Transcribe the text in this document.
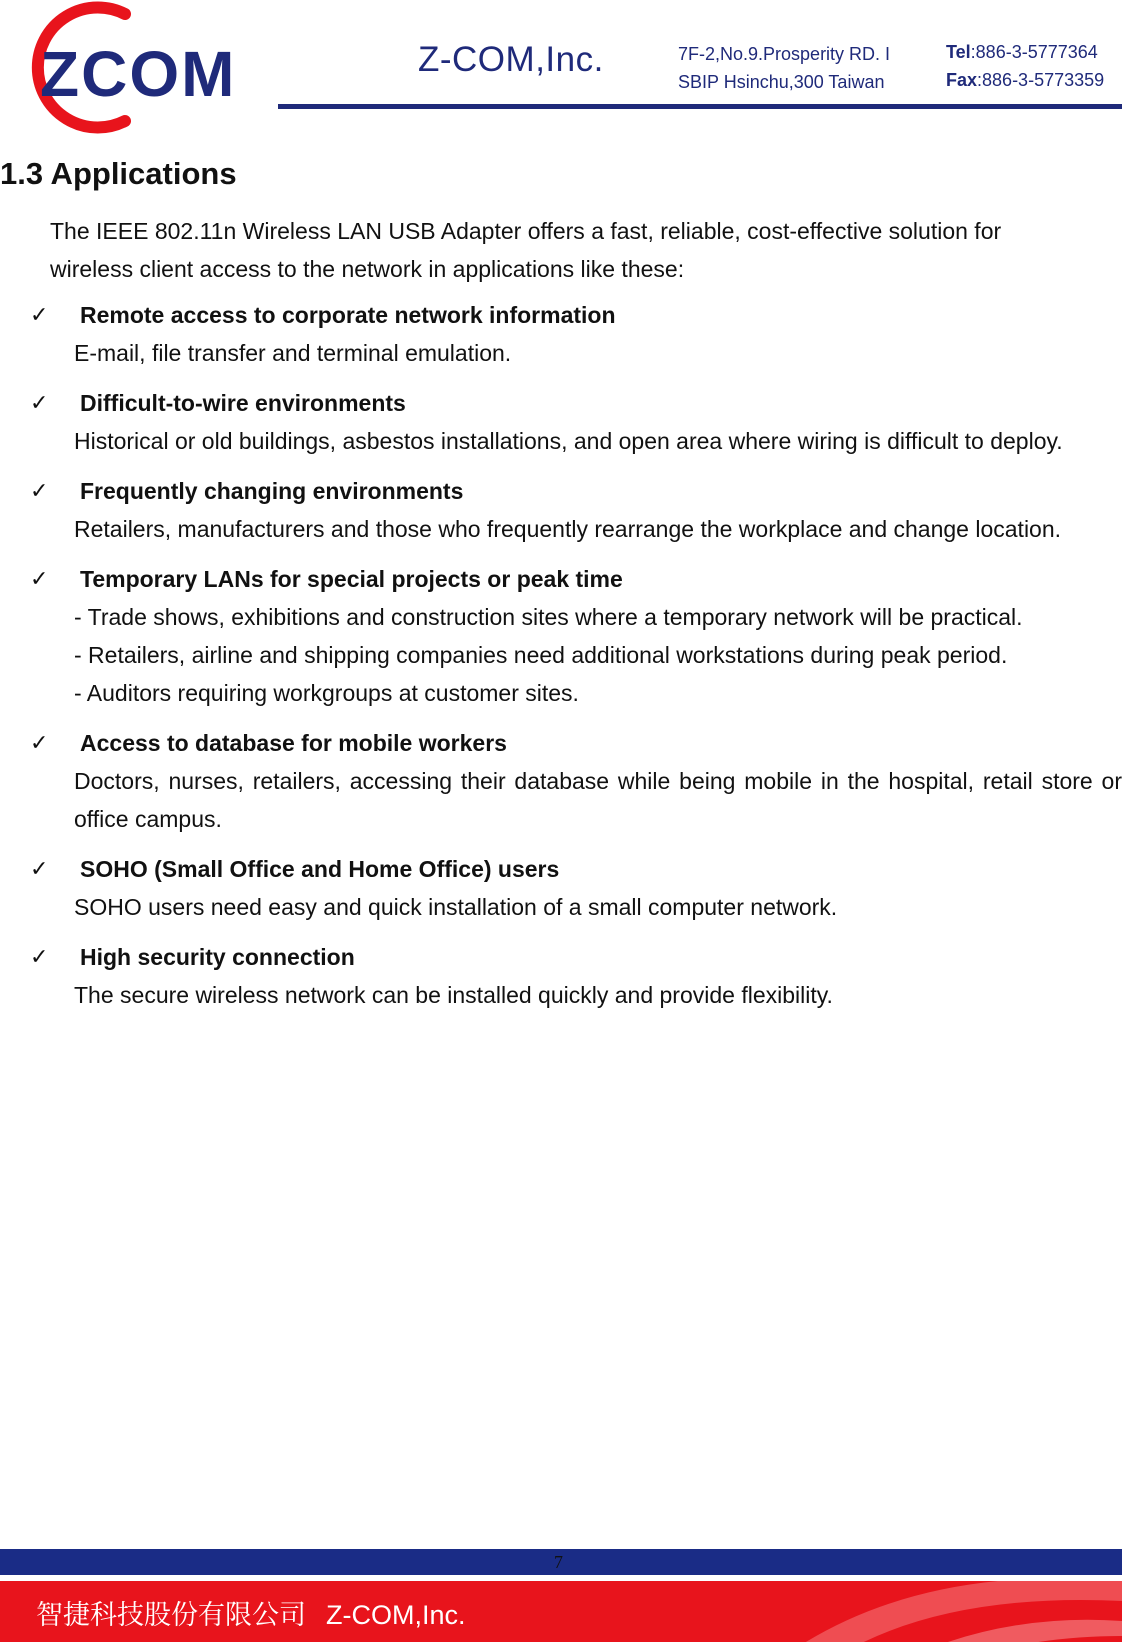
ZCOM	Z-COM,Inc.	7F-2,No.9.Prosperity RD. I
SBIP Hsinchu,300 Taiwan
Tel:886-3-5777364
Fax:886-3-5773359
1.3 Applications
The IEEE 802.11n Wireless LAN USB Adapter offers a fast, reliable, cost-effective solution for wireless client access to the network in applications like these:
✓ Remote access to corporate network information

E-mail, file transfer and terminal emulation.

✓ Difficult-to-wire environments

Historical or old buildings, asbestos installations, and open area where wiring is difficult to deploy.

✓ Frequently changing environments

Retailers, manufacturers and those who frequently rearrange the workplace and change location.

✓ Temporary LANs for special projects or peak time

- Trade shows, exhibitions and construction sites where a temporary network will be practical.

- Retailers, airline and shipping companies need additional workstations during peak period.

- Auditors requiring workgroups at customer sites.

✓ Access to database for mobile workers

Doctors, nurses, retailers, accessing their database while being mobile in the hospital, retail store or office campus.

✓ SOHO (Small Office and Home Office) users

SOHO users need easy and quick installation of a small computer network.

✓ High security connection

The secure wireless network can be installed quickly and provide flexibility.

7
智捷科技股份有限公司 Z-COM,Inc.
